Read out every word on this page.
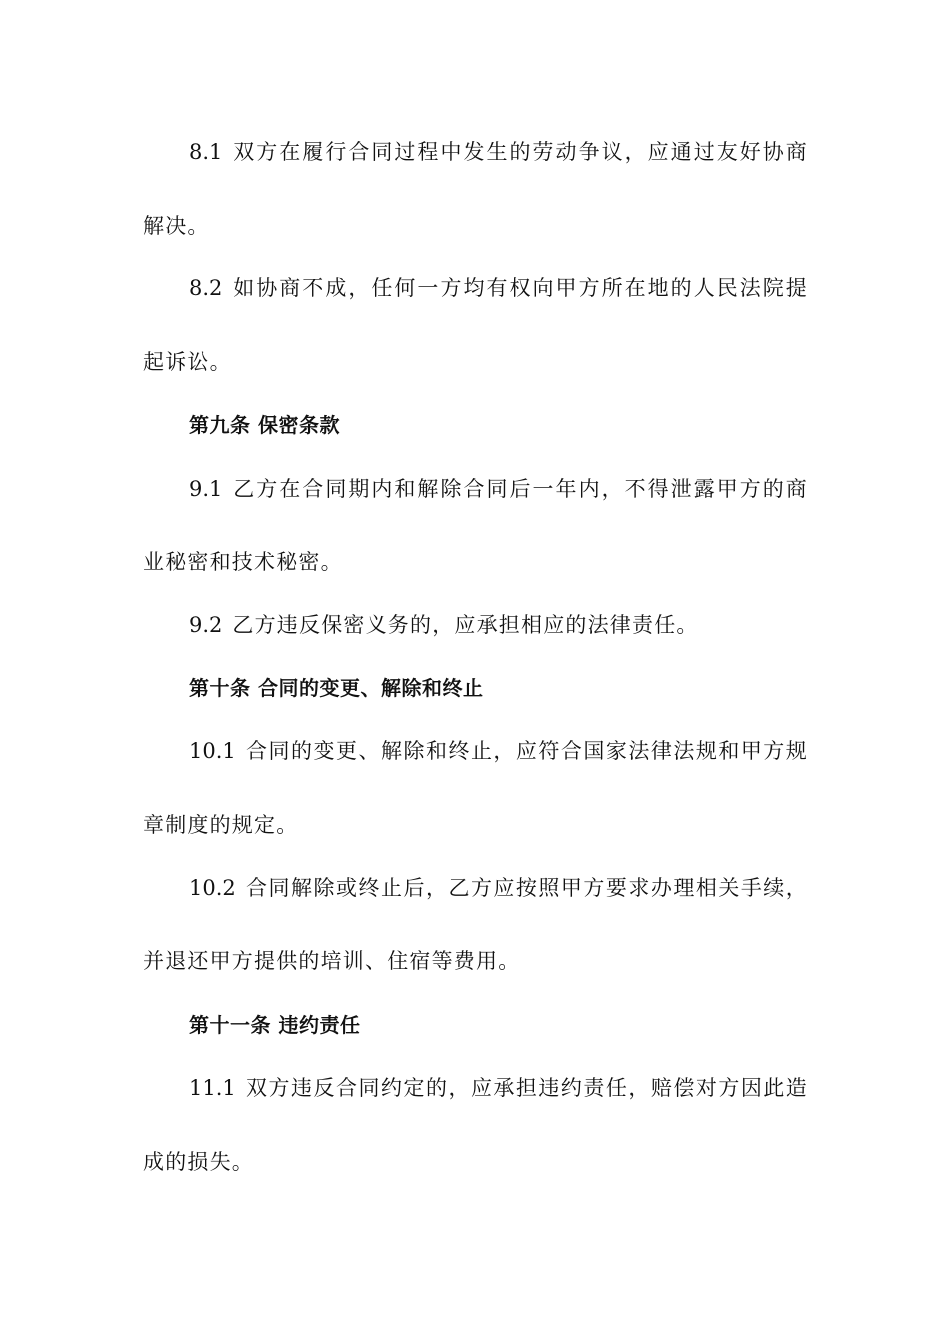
8.1 双方在履行合同过程中发生的劳动争议，应通过友好协商
解决。
8.2 如协商不成，任何一方均有权向甲方所在地的人民法院提
起诉讼。
第九条 保密条款
9.1 乙方在合同期内和解除合同后一年内，不得泄露甲方的商
业秘密和技术秘密。
9.2 乙方违反保密义务的，应承担相应的法律责任。
第十条 合同的变更、解除和终止
10.1 合同的变更、解除和终止，应符合国家法律法规和甲方规
章制度的规定。
10.2 合同解除或终止后，乙方应按照甲方要求办理相关手续，
并退还甲方提供的培训、住宿等费用。
第十一条 违约责任
11.1 双方违反合同约定的，应承担违约责任，赔偿对方因此造
成的损失。
